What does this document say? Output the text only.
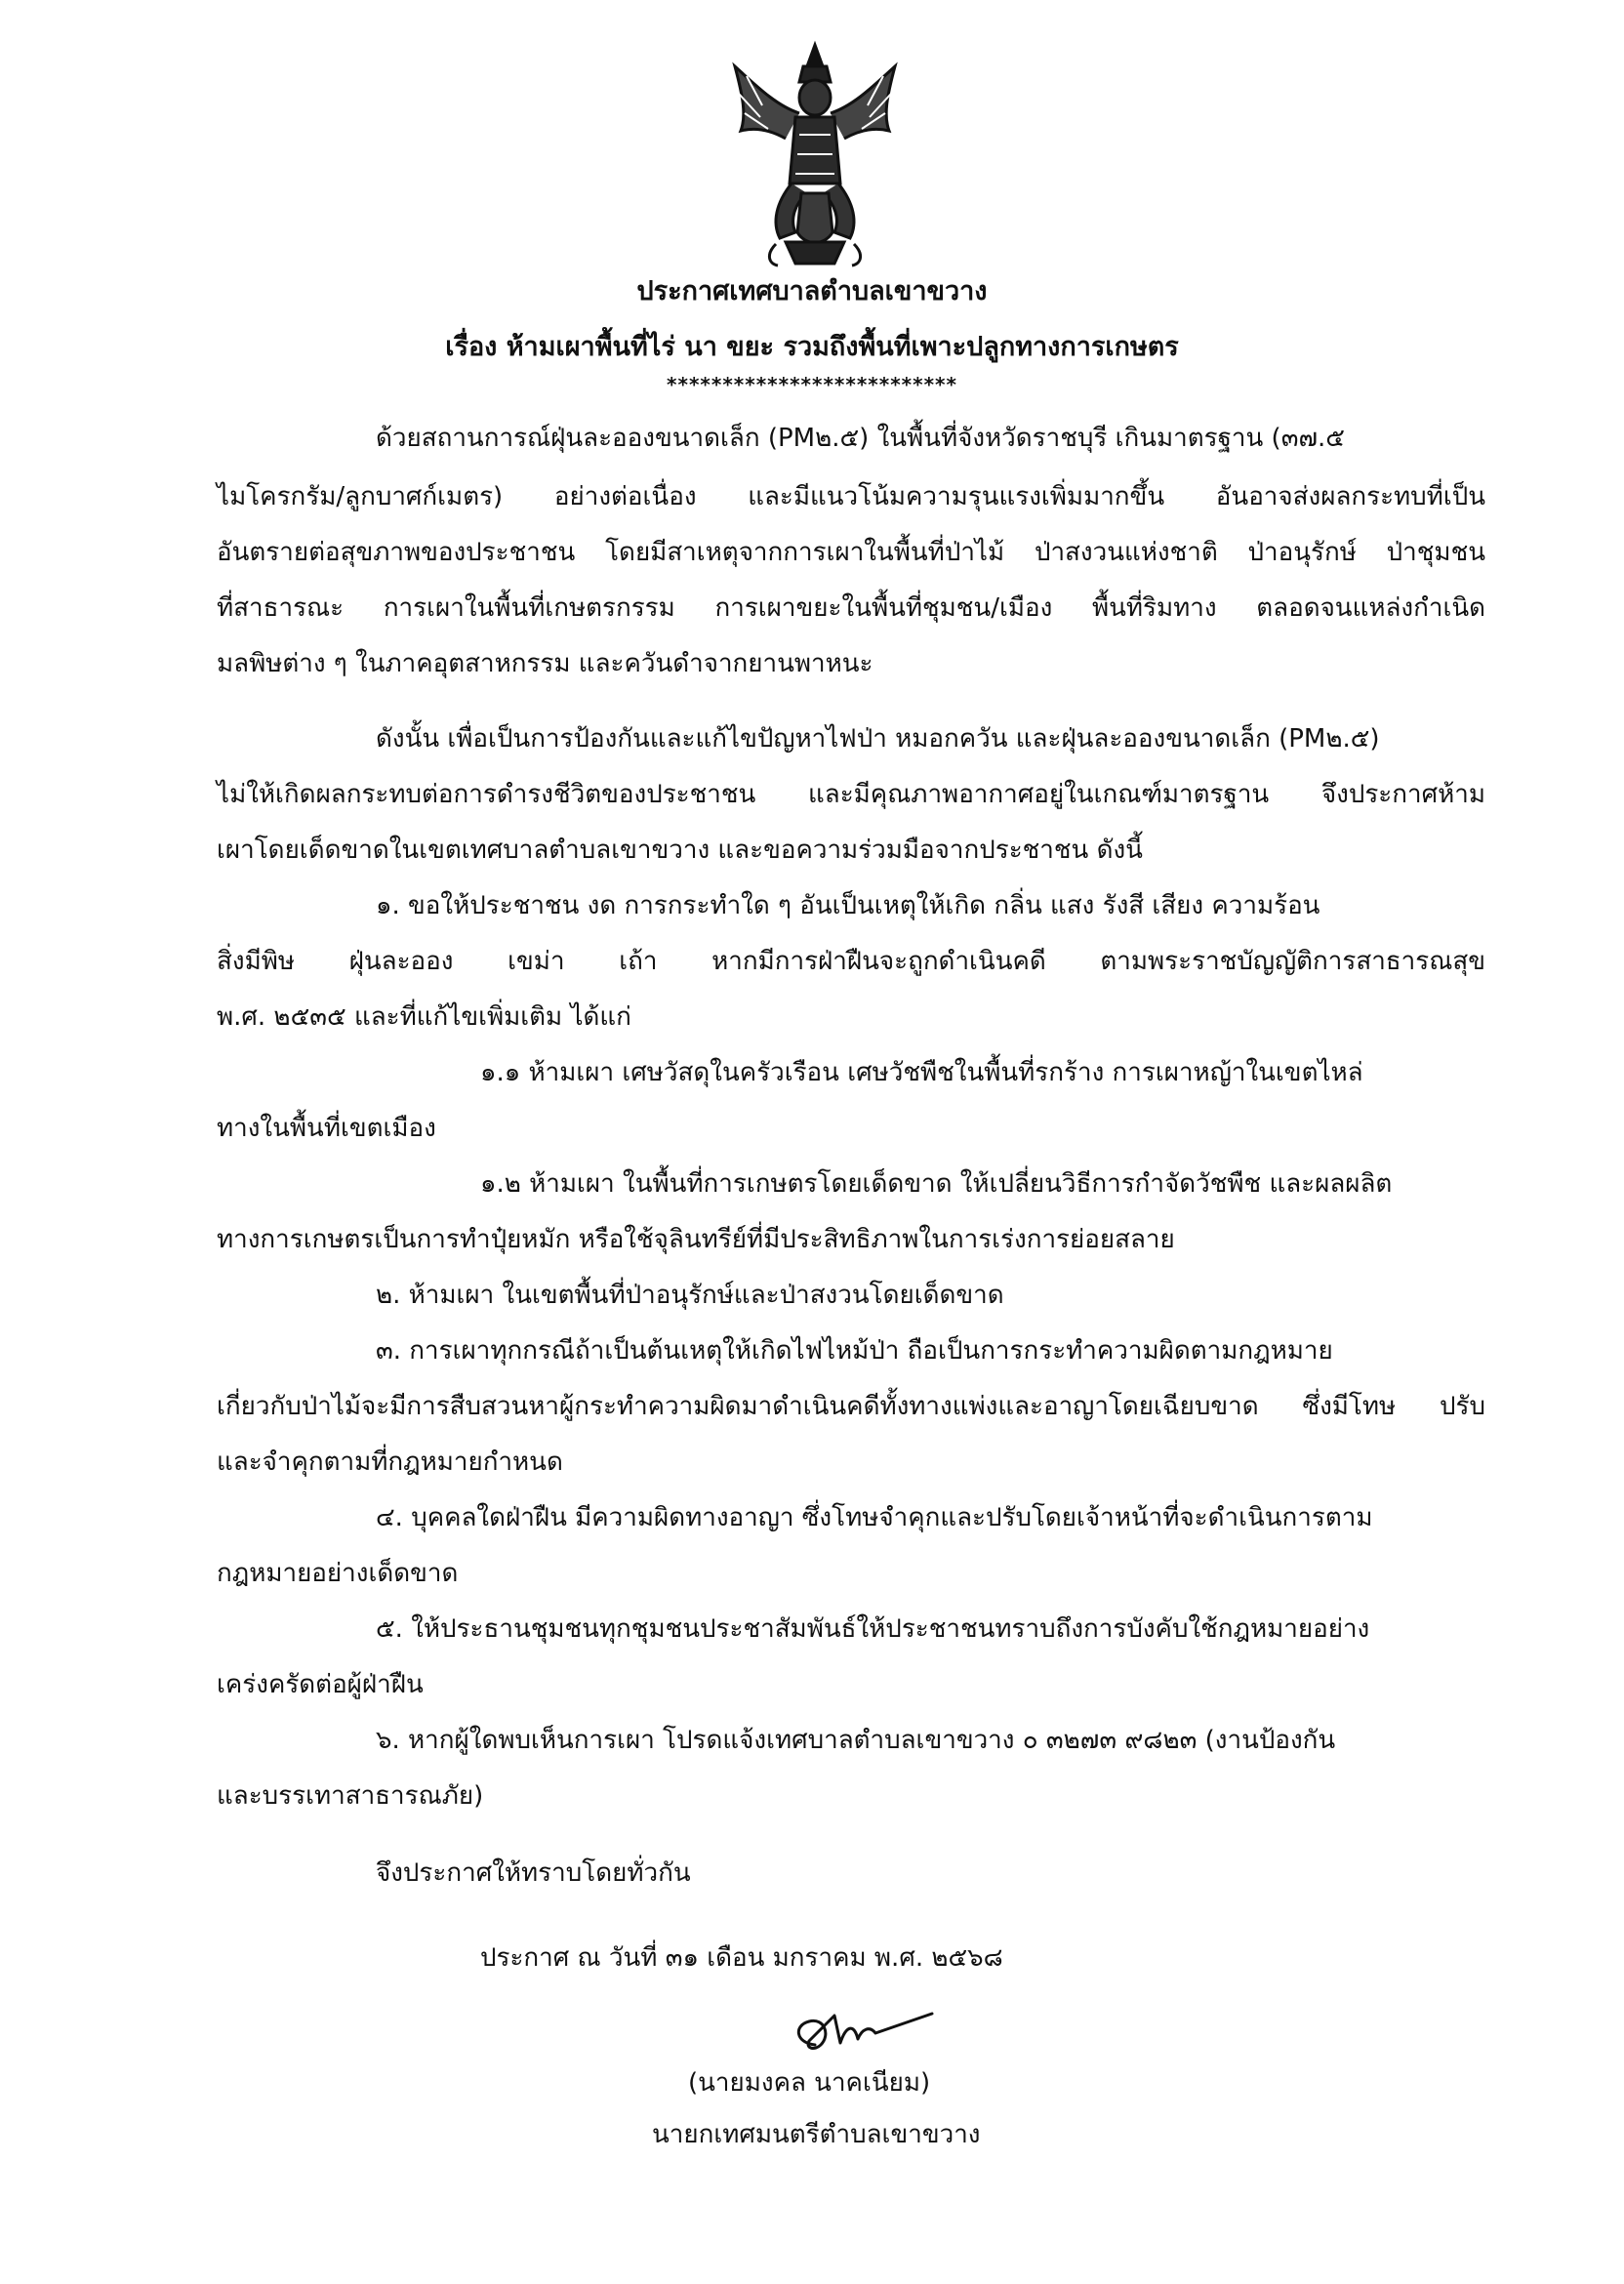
ประกาศเทศบาลตำบลเขาขวาง
เรื่อง ห้ามเผาพื้นที่ไร่ นา ขยะ รวมถึงพื้นที่เพาะปลูกทางการเกษตร
**************************
ด้วยสถานการณ์ฝุ่นละอองขนาดเล็ก (PM๒.๕) ในพื้นที่จังหวัดราชบุรี เกินมาตรฐาน (๓๗.๕
ไมโครกรัม/ลูกบาศก์เมตร) อย่างต่อเนื่อง และมีแนวโน้มความรุนแรงเพิ่มมากขึ้น อันอาจส่งผลกระทบที่เป็น
อันตรายต่อสุขภาพของประชาชน โดยมีสาเหตุจากการเผาในพื้นที่ป่าไม้ ป่าสงวนแห่งชาติ ป่าอนุรักษ์ ป่าชุมชน
ที่สาธารณะ การเผาในพื้นที่เกษตรกรรม การเผาขยะในพื้นที่ชุมชน/เมือง พื้นที่ริมทาง ตลอดจนแหล่งกำเนิด
มลพิษต่าง ๆ ในภาคอุตสาหกรรม และควันดำจากยานพาหนะ
ดังนั้น เพื่อเป็นการป้องกันและแก้ไขปัญหาไฟป่า หมอกควัน และฝุ่นละอองขนาดเล็ก (PM๒.๕)
ไม่ให้เกิดผลกระทบต่อการดำรงชีวิตของประชาชน และมีคุณภาพอากาศอยู่ในเกณฑ์มาตรฐาน จึงประกาศห้าม
เผาโดยเด็ดขาดในเขตเทศบาลตำบลเขาขวาง และขอความร่วมมือจากประชาชน ดังนี้
๑. ขอให้ประชาชน งด การกระทำใด ๆ อันเป็นเหตุให้เกิด กลิ่น แสง รังสี เสียง ความร้อน
สิ่งมีพิษ ฝุ่นละออง เขม่า เถ้า หากมีการฝ่าฝืนจะถูกดำเนินคดี ตามพระราชบัญญัติการสาธารณสุข
พ.ศ. ๒๕๓๕ และที่แก้ไขเพิ่มเติม ได้แก่
๑.๑ ห้ามเผา เศษวัสดุในครัวเรือน เศษวัชพืชในพื้นที่รกร้าง การเผาหญ้าในเขตไหล่
ทางในพื้นที่เขตเมือง
๑.๒ ห้ามเผา ในพื้นที่การเกษตรโดยเด็ดขาด ให้เปลี่ยนวิธีการกำจัดวัชพืช และผลผลิต
ทางการเกษตรเป็นการทำปุ๋ยหมัก หรือใช้จุลินทรีย์ที่มีประสิทธิภาพในการเร่งการย่อยสลาย
๒. ห้ามเผา ในเขตพื้นที่ป่าอนุรักษ์และป่าสงวนโดยเด็ดขาด
๓. การเผาทุกกรณีถ้าเป็นต้นเหตุให้เกิดไฟไหม้ป่า ถือเป็นการกระทำความผิดตามกฎหมาย
เกี่ยวกับป่าไม้จะมีการสืบสวนหาผู้กระทำความผิดมาดำเนินคดีทั้งทางแพ่งและอาญาโดยเฉียบขาด ซึ่งมีโทษ ปรับ
และจำคุกตามที่กฎหมายกำหนด
๔. บุคคลใดฝ่าฝืน มีความผิดทางอาญา ซึ่งโทษจำคุกและปรับโดยเจ้าหน้าที่จะดำเนินการตาม
กฎหมายอย่างเด็ดขาด
๕. ให้ประธานชุมชนทุกชุมชนประชาสัมพันธ์ให้ประชาชนทราบถึงการบังคับใช้กฎหมายอย่าง
เคร่งครัดต่อผู้ฝ่าฝืน
๖. หากผู้ใดพบเห็นการเผา โปรดแจ้งเทศบาลตำบลเขาขวาง ๐ ๓๒๗๓ ๙๘๒๓ (งานป้องกัน
และบรรเทาสาธารณภัย)
จึงประกาศให้ทราบโดยทั่วกัน
ประกาศ ณ วันที่ ๓๑ เดือน มกราคม พ.ศ. ๒๕๖๘
(นายมงคล นาคเนียม)
นายกเทศมนตรีตำบลเขาขวาง
